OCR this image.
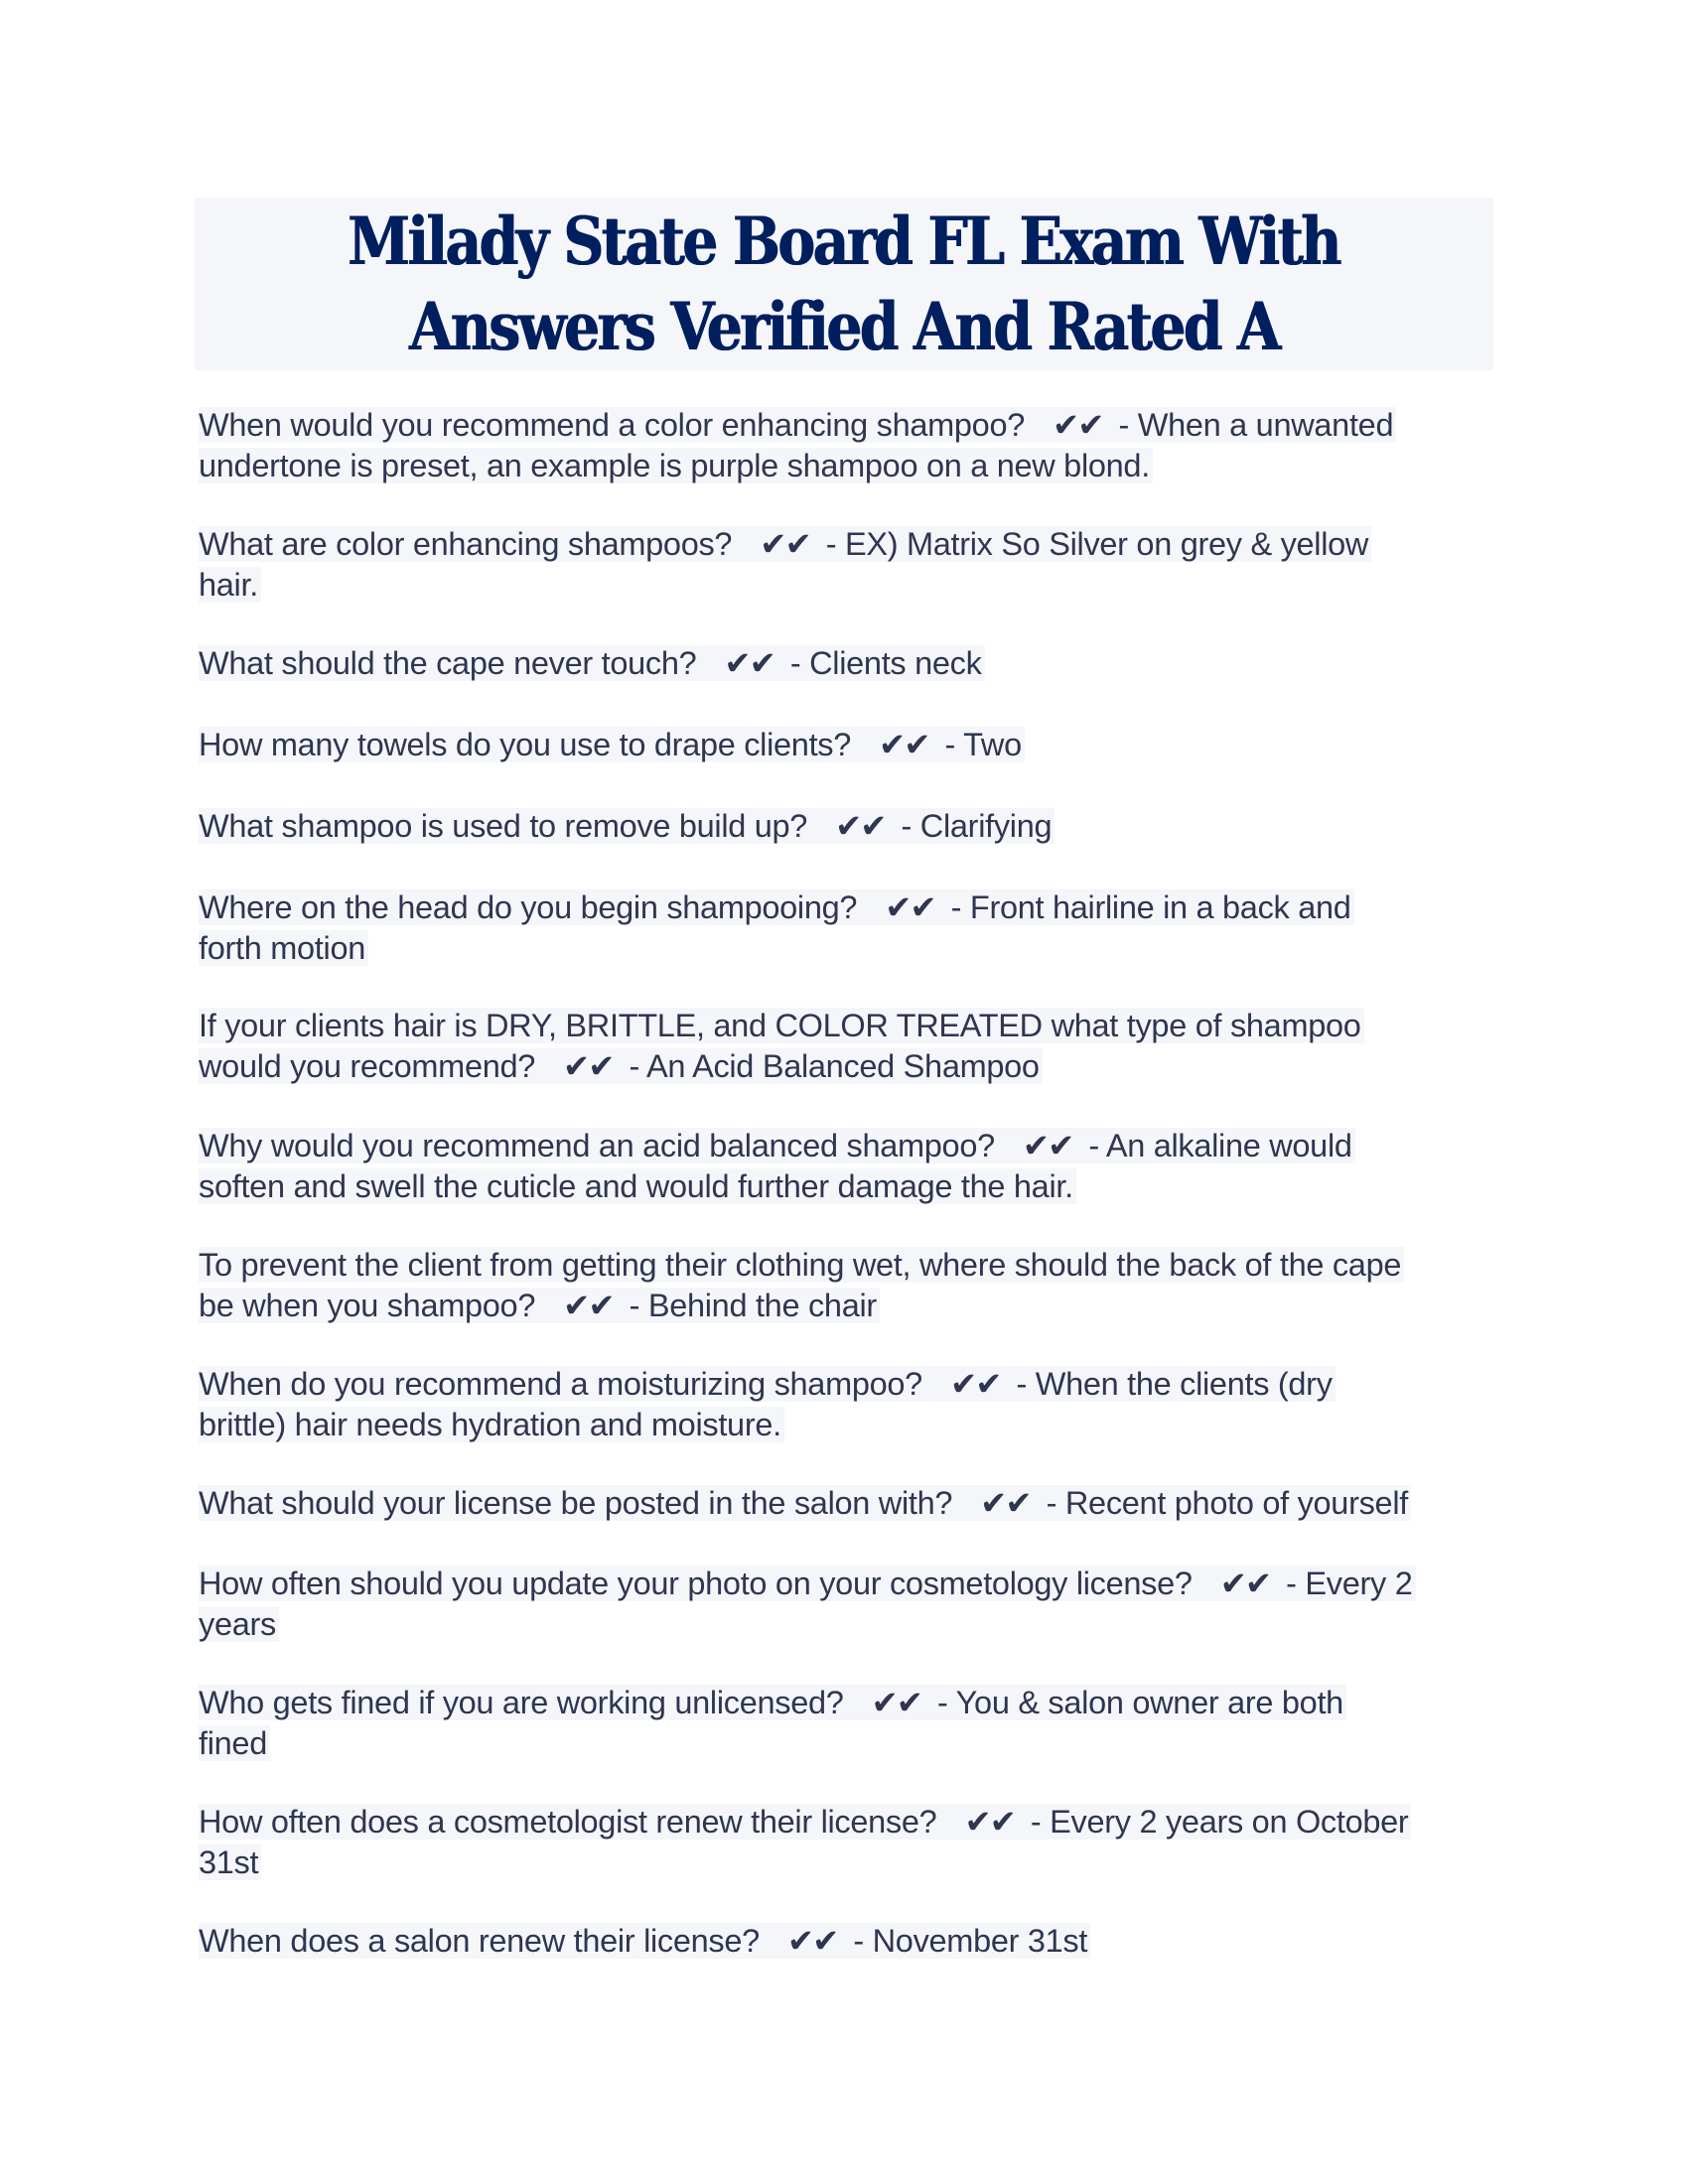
Milady State Board FL Exam With
Answers Verified And Rated A
When would you recommend a color enhancing shampoo? ✔✔ - When a unwanted
undertone is preset, an example is purple shampoo on a new blond.
What are color enhancing shampoos? ✔✔ - EX) Matrix So Silver on grey & yellow
hair.
What should the cape never touch? ✔✔ - Clients neck
How many towels do you use to drape clients? ✔✔ - Two
What shampoo is used to remove build up? ✔✔ - Clarifying
Where on the head do you begin shampooing? ✔✔ - Front hairline in a back and
forth motion
If your clients hair is DRY, BRITTLE, and COLOR TREATED what type of shampoo
would you recommend? ✔✔ - An Acid Balanced Shampoo
Why would you recommend an acid balanced shampoo? ✔✔ - An alkaline would
soften and swell the cuticle and would further damage the hair.
To prevent the client from getting their clothing wet, where should the back of the cape
be when you shampoo? ✔✔ - Behind the chair
When do you recommend a moisturizing shampoo? ✔✔ - When the clients (dry
brittle) hair needs hydration and moisture.
What should your license be posted in the salon with? ✔✔ - Recent photo of yourself
How often should you update your photo on your cosmetology license? ✔✔ - Every 2
years
Who gets fined if you are working unlicensed? ✔✔ - You & salon owner are both
fined
How often does a cosmetologist renew their license? ✔✔ - Every 2 years on October
31st
When does a salon renew their license? ✔✔ - November 31st
